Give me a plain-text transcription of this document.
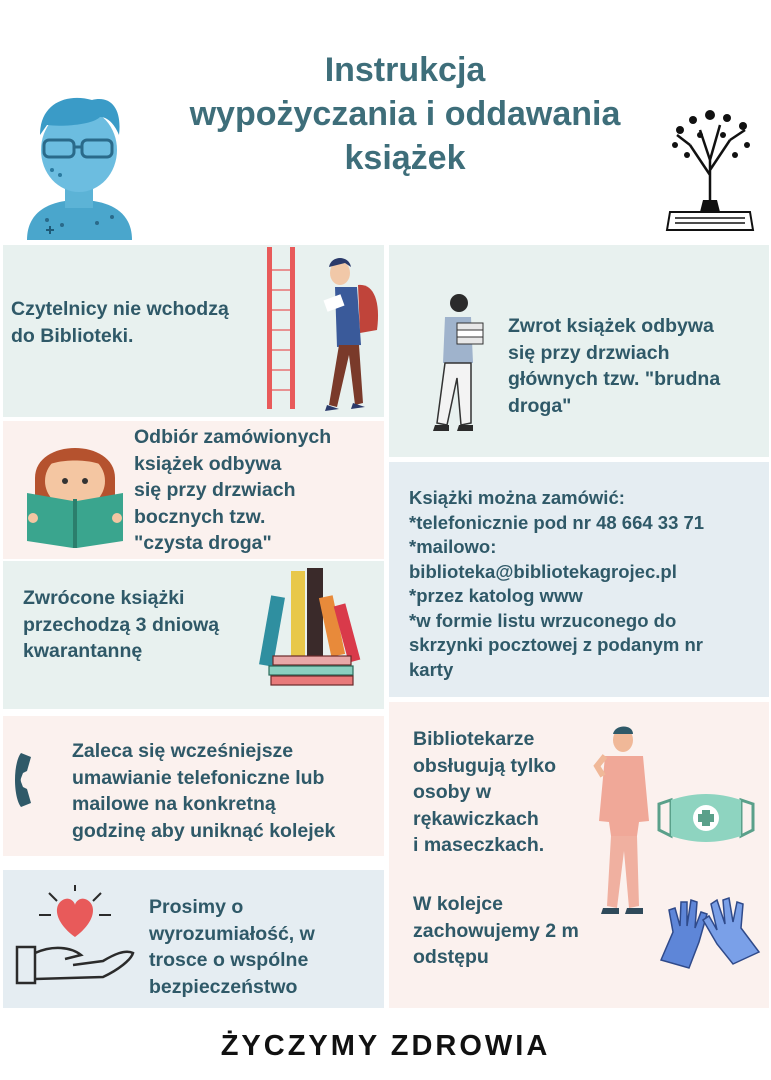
Instrukcja
wypożyczania i oddawania
książek
Czytelnicy nie wchodzą
do Biblioteki.	Zwrot książek odbywa
się przy drzwiach
głównych tzw. "brudna
droga"
Odbiór zamówionych
książek odbywa
się przy drzwiach
bocznych tzw.
"czysta droga"
Książki można zamówić:
*telefonicznie pod nr 48 664 33 71
*mailowo:
biblioteka@bibliotekagrojec.pl
*przez katolog www
*w formie listu wrzuconego do
skrzynki pocztowej z podanym nr
karty
Zwrócone książki
przechodzą 3 dniową
kwarantannę
Zaleca się wcześniejsze
umawianie telefoniczne lub
mailowe na konkretną
godzinę aby uniknąć kolejek
Bibliotekarze
obsługują tylko
osoby w
rękawiczkach
i maseczkach.
W kolejce
zachowujemy 2 m
odstępu
Prosimy o
wyrozumiałość, w
trosce o wspólne
bezpieczeństwo
ŻYCZYMY ZDROWIA
